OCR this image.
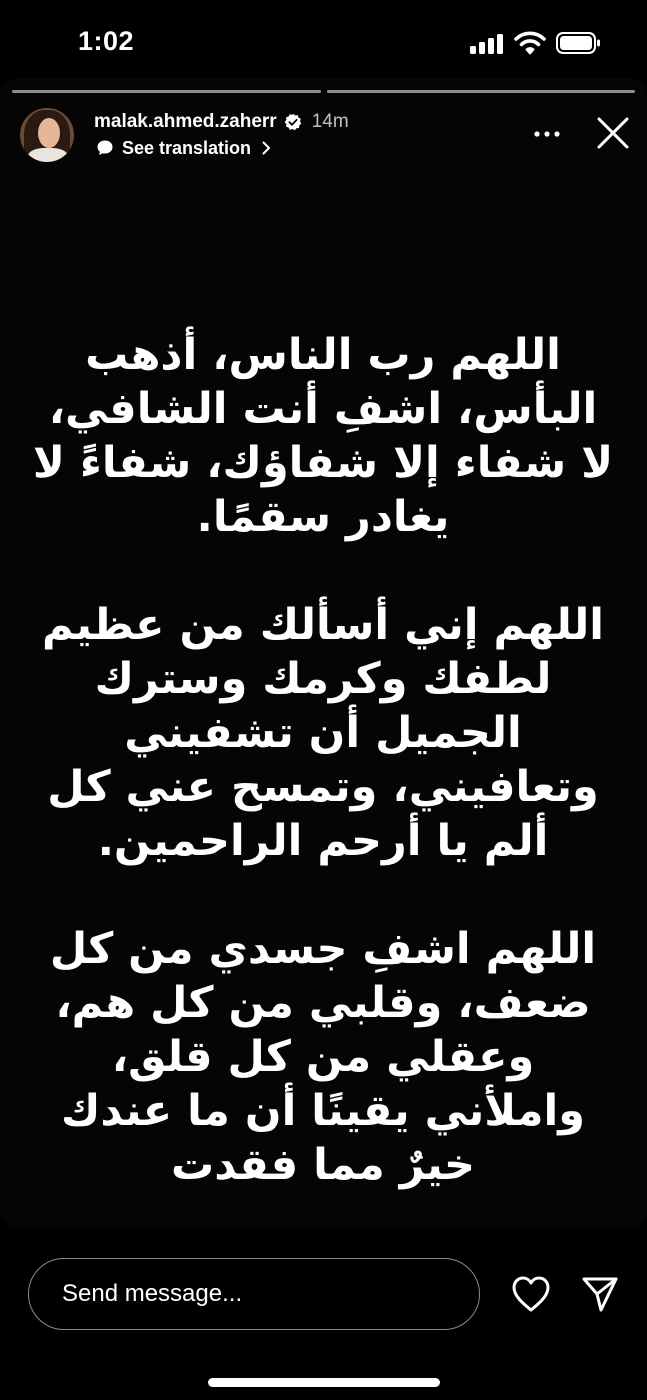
1:02
malak.ahmed.zaherr 14m
See translation

اللهم رب الناس، أذهب البأس، اشفِ أنت الشافي، لا شفاء إلا شفاؤك، شفاءً لا يغادر سقمًا.

اللهم إني أسألك من عظيم لطفك وكرمك وسترك الجميل أن تشفيني وتعافيني، وتمسح عني كل ألم يا أرحم الراحمين.

اللهم اشفِ جسدي من كل ضعف، وقلبي من كل هم، وعقلي من كل قلق، واملأني يقينًا أن ما عندك خيرٌ مما فقدت

Send message...
